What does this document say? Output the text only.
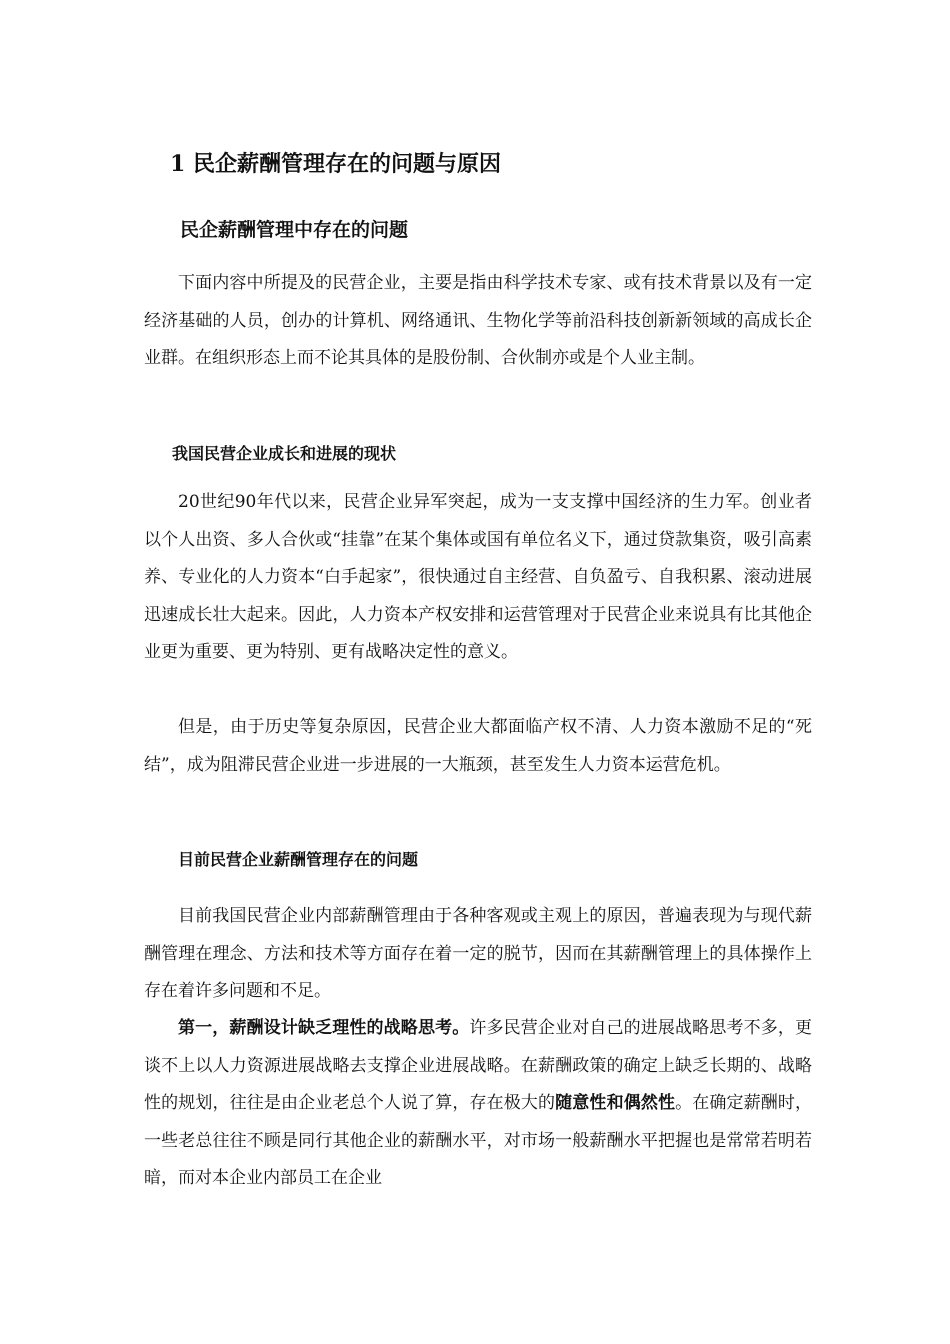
1 民企薪酬管理存在的问题与原因
民企薪酬管理中存在的问题

下面内容中所提及的民营企业，主要是指由科学技术专家、或有技术背景以及有一定经济基础的人员，创办的计算机、网络通讯、生物化学等前沿科技创新新领域的高成长企业群。在组织形态上而不论其具体的是股份制、合伙制亦或是个人业主制。

我国民营企业成长和进展的现状

20世纪90年代以来，民营企业异军突起，成为一支支撑中国经济的生力军。创业者以个人出资、多人合伙或“挂靠”在某个集体或国有单位名义下，通过贷款集资，吸引高素养、专业化的人力资本“白手起家”，很快通过自主经营、自负盈亏、自我积累、滚动进展迅速成长壮大起来。因此，人力资本产权安排和运营管理对于民营企业来说具有比其他企业更为重要、更为特别、更有战略决定性的意义。

但是，由于历史等复杂原因，民营企业大都面临产权不清、人力资本激励不足的“死结”，成为阻滞民营企业进一步进展的一大瓶颈，甚至发生人力资本运营危机。

目前民营企业薪酬管理存在的问题

目前我国民营企业内部薪酬管理由于各种客观或主观上的原因，普遍表现为与现代薪酬管理在理念、方法和技术等方面存在着一定的脱节，因而在其薪酬管理上的具体操作上存在着许多问题和不足。

第一，薪酬设计缺乏理性的战略思考。许多民营企业对自己的进展战略思考不多，更谈不上以人力资源进展战略去支撑企业进展战略。在薪酬政策的确定上缺乏长期的、战略性的规划，往往是由企业老总个人说了算，存在极大的随意性和偶然性。在确定薪酬时，一些老总往往不顾是同行其他企业的薪酬水平，对市场一般薪酬水平把握也是常常若明若暗，而对本企业内部员工在企业
